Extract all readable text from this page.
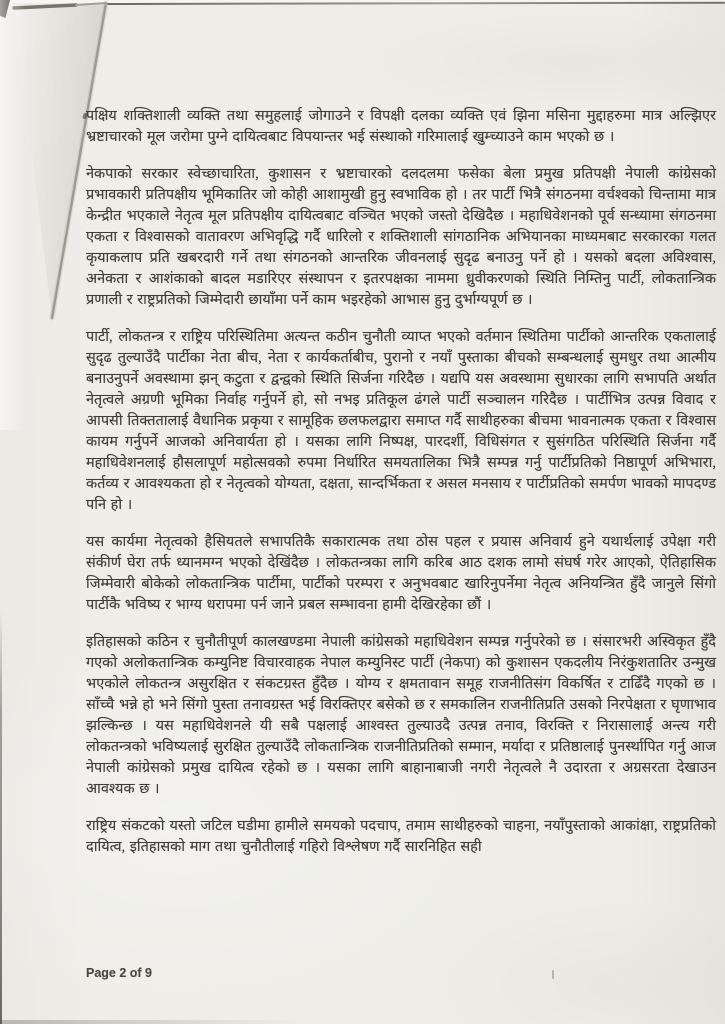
पक्षिय शक्तिशाली व्यक्ति तथा समुहलाई जोगाउने र विपक्षी दलका व्यक्ति एवं झिना मसिना मुद्दाहरुमा मात्र अल्झिएर भ्रष्टाचारको मूल जरोमा पुग्ने दायित्वबाट विपयान्तर भई संस्थाको गरिमालाई खुम्च्याउने काम भएको छ ।

नेकपाको सरकार स्वेच्छाचारिता, कुशासन र भ्रष्टाचारको दलदलमा फसेका बेला प्रमुख प्रतिपक्षी नेपाली कांग्रेसको प्रभावकारी प्रतिपक्षीय भूमिकातिर जो कोही आशामुखी हुनु स्वभाविक हो । तर पार्टी भित्रै संगठनमा वर्चश्वको चिन्तामा मात्र केन्द्रीत भएकाले नेतृत्व मूल प्रतिपक्षीय दायित्वबाट वञ्चित भएको जस्तो देखिदैछ । महाधिवेशनको पूर्व सन्ध्यामा संगठनमा एकता र विश्वासको वातावरण अभिवृद्धि गर्दै धारिलो र शक्तिशाली सांगठानिक अभियानका माध्यमबाट सरकारका गलत कृयाकलाप प्रति खबरदारी गर्ने तथा संगठनको आन्तरिक जीवनलाई सुदृढ बनाउनु पर्ने हो । यसको बदला अविश्वास, अनेकता र आशंकाको बादल मडारिएर संस्थापन र इतरपक्षका नाममा ध्रुवीकरणको स्थिति निम्तिनु पार्टी, लोकतान्त्रिक प्रणाली र राष्ट्रप्रतिको जिम्मेदारी छायाँमा पर्ने काम भइरहेको आभास हुनु दुर्भाग्यपूर्ण छ ।

पार्टी, लोकतन्त्र र राष्ट्रिय परिस्थितिमा अत्यन्त कठीन चुनौती व्याप्त भएको वर्तमान स्थितिमा पार्टीको आन्तरिक एकतालाई सुदृढ तुल्याउँदै पार्टीका नेता बीच, नेता र कार्यकर्ताबीच, पुरानो र नयाँ पुस्ताका बीचको सम्बन्धलाई सुमधुर तथा आत्मीय बनाउनुपर्ने अवस्थामा झन् कटुता र द्वन्द्वको स्थिति सिर्जना गरिदैछ । यद्यपि यस अवस्थामा सुधारका लागि सभापति अर्थात नेतृत्वले अग्रणी भूमिका निर्वाह गर्नुपर्ने हो, सो नभइ प्रतिकूल ढंगले पार्टी सञ्चालन गरिदैछ । पार्टीभित्र उत्पन्न विवाद र आपसी तिक्ततालाई वैधानिक प्रकृया र सामूहिक छलफलद्वारा समाप्त गर्दै साथीहरुका बीचमा भावनात्मक एकता र विश्वास कायम गर्नुपर्ने आजको अनिवार्यता हो । यसका लागि निष्पक्ष, पारदर्शी, विधिसंगत र सुसंगठित परिस्थिति सिर्जना गर्दै महाधिवेशनलाई हौसलापूर्ण महोत्सवको रुपमा निर्धारित समयतालिका भित्रै सम्पन्न गर्नु पार्टीप्रतिको निष्ठापूर्ण अभिभारा, कर्तव्य र आवश्यकता हो र नेतृत्वको योग्यता, दक्षता, सान्दर्भिकता र असल मनसाय र पार्टीप्रतिको समर्पण भावको मापदण्ड पनि हो ।

यस कार्यमा नेतृत्वको हैसियतले सभापतिकै सकारात्मक तथा ठोस पहल र प्रयास अनिवार्य हुने यथार्थलाई उपेक्षा गरी संकीर्ण घेरा तर्फ ध्यानमग्न भएको देखिंदैछ । लोकतन्त्रका लागि करिब आठ दशक लामो संघर्ष गरेर आएको, ऐतिहासिक जिम्मेवारी बोकेको लोकतान्त्रिक पार्टीमा, पार्टीको परम्परा र अनुभवबाट खारिनुपर्नेमा नेतृत्व अनियन्त्रित हुँदै जानुले सिंगो पार्टीकै भविष्य र भाग्य धरापमा पर्न जाने प्रबल सम्भावना हामी देखिरहेका छौं ।

इतिहासको कठिन र चुनौतीपूर्ण कालखण्डमा नेपाली कांग्रेसको महाधिवेशन सम्पन्न गर्नुपरेको छ । संसारभरी अस्विकृत हुँदै गएको अलोकतान्त्रिक कम्युनिष्ट विचारवाहक नेपाल कम्युनिस्ट पार्टी (नेकपा) को कुशासन एकदलीय निरंकुशतातिर उन्मुख भएकोले लोकतन्त्र असुरक्षित र संकटग्रस्त हुँदैछ । योग्य र क्षमतावान समूह राजनीतिसंग विकर्षित र टाढिँदै गएको छ । साँच्चै भन्ने हो भने सिंगो पुस्ता तनावग्रस्त भई विरक्तिएर बसेको छ र समकालिन राजनीतिप्रति उसको निरपेक्षता र घृणाभाव झल्किन्छ । यस महाधिवेशनले यी सबै पक्षलाई आश्वस्त तुल्याउदै उत्पन्न तनाव, विरक्ति र निरासालाई अन्त्य गरी लोकतन्त्रको भविष्यलाई सुरक्षित तुल्याउँदै लोकतान्त्रिक राजनीतिप्रतिको सम्मान, मर्यादा र प्रतिष्ठालाई पुनर्स्थापित गर्नु आज नेपाली कांग्रेसको प्रमुख दायित्व रहेको छ । यसका लागि बाहानाबाजी नगरी नेतृत्वले नै उदारता र अग्रसरता देखाउन आवश्यक छ ।

राष्ट्रिय संकटको यस्तो जटिल घडीमा हामीले समयको पदचाप, तमाम साथीहरुको चाहना, नयाँपुस्ताको आकांक्षा, राष्ट्रप्रतिको दायित्व, इतिहासको माग तथा चुनौतीलाई गहिरो विश्लेषण गर्दै सारनिहित सही

Page 2 of 9
